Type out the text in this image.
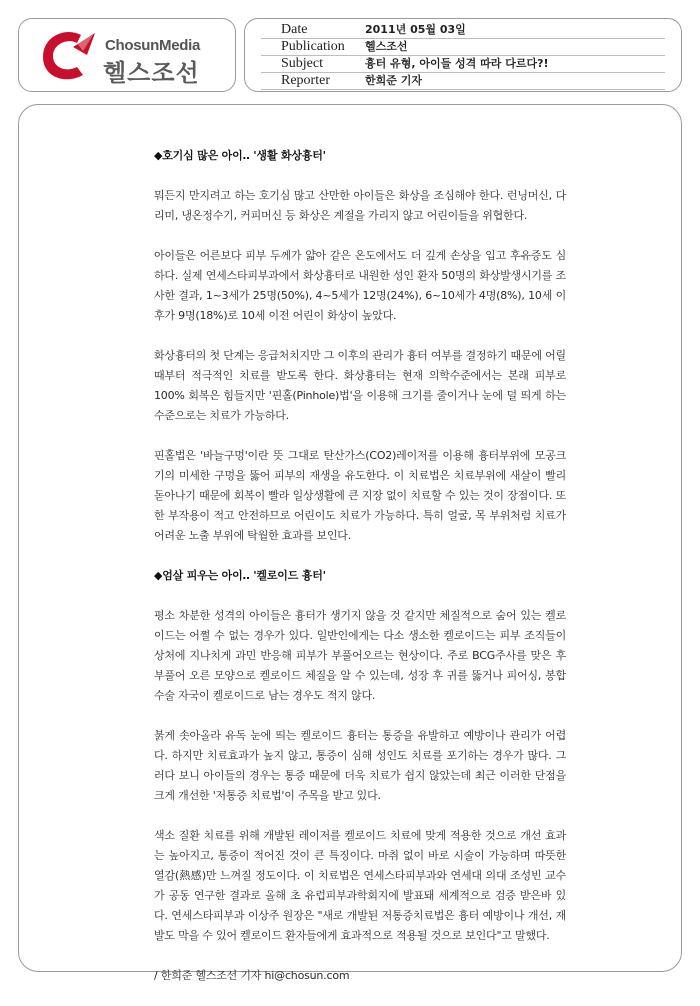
ChosunMedia
헬스조선
Date	2011년 05월 03일
Publication 헬스조선
Subject	흉터 유형, 아이들 성격 따라 다르다?!
Reporter	한희준 기자
◆호기심 많은 아이‥ '생활 화상흉터'

뭐든지 만지려고 하는 호기심 많고 산만한 아이들은 화상을 조심해야 한다. 런닝머신, 다리미, 냉온정수기, 커피머신 등 화상은 계절을 가리지 않고 어린이들을 위협한다.

아이들은 어른보다 피부 두께가 얇아 같은 온도에서도 더 깊게 손상을 입고 후유증도 심하다. 실제 연세스타피부과에서 화상흉터로 내원한 성인 환자 50명의 화상발생시기를 조사한 결과, 1~3세가 25명(50%), 4~5세가 12명(24%), 6~10세가 4명(8%), 10세 이후가 9명(18%)로 10세 이전 어린이 화상이 높았다.

화상흉터의 첫 단계는 응급처치지만 그 이후의 관리가 흉터 여부를 결정하기 때문에 어릴 때부터 적극적인 치료를 받도록 한다. 화상흉터는 현재 의학수준에서는 본래 피부로 100% 회복은 힘들지만 '핀홀(Pinhole)법'을 이용해 크기를 줄이거나 눈에 덜 띄게 하는 수준으로는 치료가 가능하다.

핀홀법은 '바늘구멍'이란 뜻 그대로 탄산가스(CO2)레이저를 이용해 흉터부위에 모공크기의 미세한 구멍을 뚫어 피부의 재생을 유도한다. 이 치료법은 치료부위에 새살이 빨리 돋아나기 때문에 회복이 빨라 일상생활에 큰 지장 없이 치료할 수 있는 것이 장점이다. 또한 부작용이 적고 안전하므로 어린이도 치료가 가능하다. 특히 얼굴, 목 부위처럼 치료가 어려운 노출 부위에 탁월한 효과를 보인다.

◆엄살 피우는 아이‥ '켈로이드 흉터'

평소 차분한 성격의 아이들은 흉터가 생기지 않을 것 같지만 체질적으로 숨어 있는 켈로이드는 어쩔 수 없는 경우가 있다. 일반인에게는 다소 생소한 켈로이드는 피부 조직들이 상처에 지나치게 과민 반응해 피부가 부풀어오르는 현상이다. 주로 BCG주사를 맞은 후 부풀어 오른 모양으로 켈로이드 체질을 알 수 있는데, 성장 후 귀를 뚫거나 피어싱, 봉합수술 자국이 켈로이드로 남는 경우도 적지 않다.

붉게 솟아올라 유독 눈에 띄는 켈로이드 흉터는 통증을 유발하고 예방이나 관리가 어렵다. 하지만 치료효과가 높지 않고, 통증이 심해 성인도 치료를 포기하는 경우가 많다. 그러다 보니 아이들의 경우는 통증 때문에 더욱 치료가 쉽지 않았는데 최근 이러한 단점을 크게 개선한 '저통증 치료법'이 주목을 받고 있다.

색소 질환 치료를 위해 개발된 레이저를 켈로이드 치료에 맞게 적용한 것으로 개선 효과는 높아지고, 통증이 적어진 것이 큰 특징이다. 마취 없이 바로 시술이 가능하며 따뜻한 열감(熱感)만 느껴질 정도이다. 이 치료법은 연세스타피부과와 연세대 의대 조성빈 교수가 공동 연구한 결과로 올해 초 유럽피부과학회지에 발표돼 세계적으로 검증 받은바 있다. 연세스타피부과 이상주 원장은 "새로 개발된 저통증치료법은 흉터 예방이나 개선, 재발도 막을 수 있어 켈로이드 환자들에게 효과적으로 적용될 것으로 보인다"고 말했다.

/ 한희준 헬스조선 기자 hi@chosun.com
